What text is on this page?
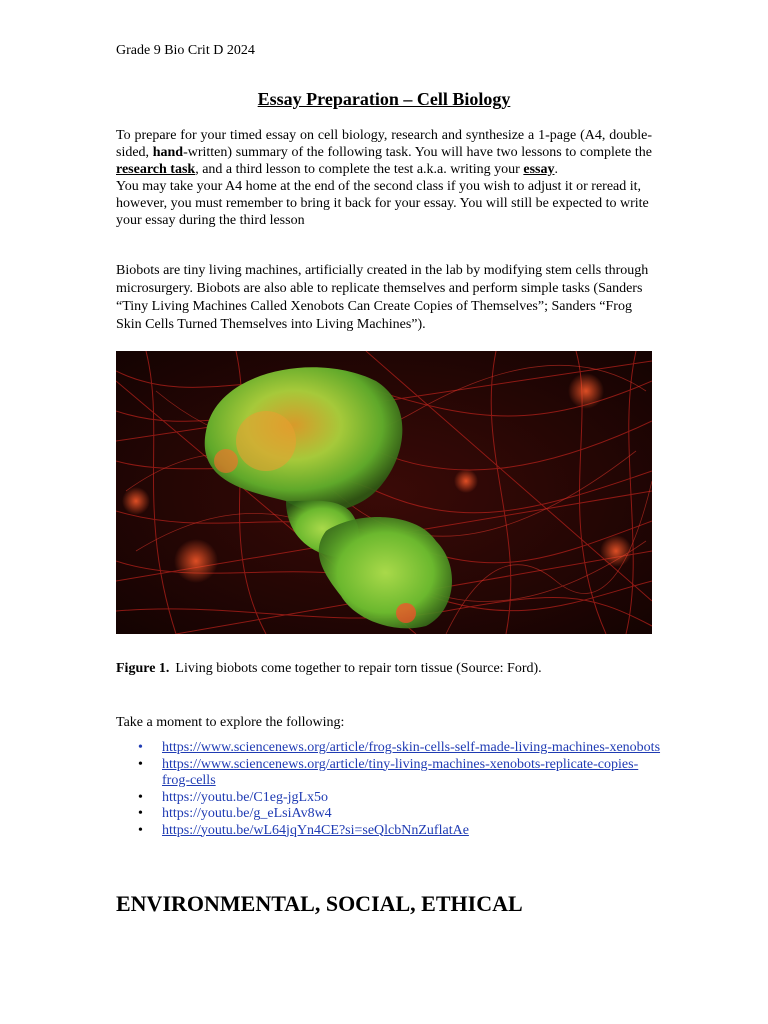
Grade 9 Bio Crit D 2024
Essay Preparation – Cell Biology
To prepare for your timed essay on cell biology, research and synthesize a 1-page (A4, double-sided, hand-written) summary of the following task. You will have two lessons to complete the research task, and a third lesson to complete the test a.k.a. writing your essay.
You may take your A4 home at the end of the second class if you wish to adjust it or reread it, however, you must remember to bring it back for your essay. You will still be expected to write your essay during the third lesson
Biobots are tiny living machines, artificially created in the lab by modifying stem cells through microsurgery. Biobots are also able to replicate themselves and perform simple tasks (Sanders “Tiny Living Machines Called Xenobots Can Create Copies of Themselves”; Sanders “Frog Skin Cells Turned Themselves into Living Machines”).
Figure 1. Living biobots come together to repair torn tissue (Source: Ford).
Take a moment to explore the following:
• https://www.sciencenews.org/article/frog-skin-cells-self-made-living-machines-xenobots
• https://www.sciencenews.org/article/tiny-living-machines-xenobots-replicate-copies-frog-cells
• https://youtu.be/C1eg-jgLx5o
• https://youtu.be/g_eLsiAv8w4
• https://youtu.be/wL64jqYn4CE?si=seQlcbNnZuflatAe
ENVIRONMENTAL, SOCIAL, ETHICAL
